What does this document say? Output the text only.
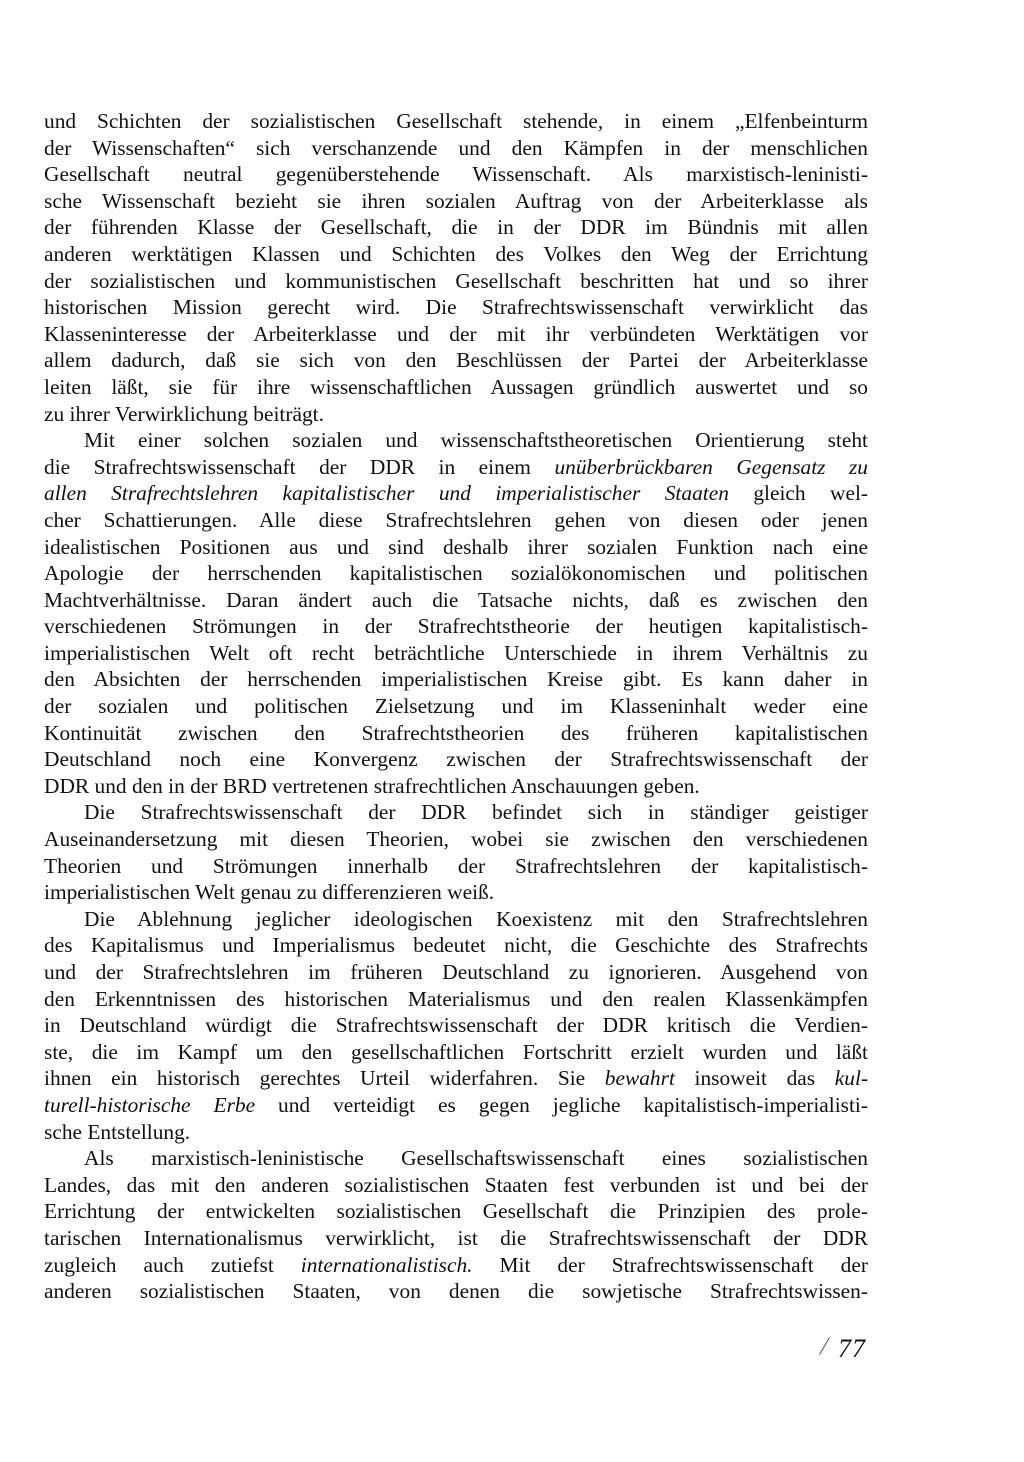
und Schichten der sozialistischen Gesellschaft stehende, in einem „Elfenbeinturm
der Wissenschaften“ sich verschanzende und den Kämpfen in der menschlichen
Gesellschaft neutral gegenüberstehende Wissenschaft. Als marxistisch-leninisti-
sche Wissenschaft bezieht sie ihren sozialen Auftrag von der Arbeiterklasse als
der führenden Klasse der Gesellschaft, die in der DDR im Bündnis mit allen
anderen werktätigen Klassen und Schichten des Volkes den Weg der Errichtung
der sozialistischen und kommunistischen Gesellschaft beschritten hat und so ihrer
historischen Mission gerecht wird. Die Strafrechtswissenschaft verwirklicht das
Klasseninteresse der Arbeiterklasse und der mit ihr verbündeten Werktätigen vor
allem dadurch, daß sie sich von den Beschlüssen der Partei der Arbeiterklasse
leiten läßt, sie für ihre wissenschaftlichen Aussagen gründlich auswertet und so
zu ihrer Verwirklichung beiträgt.
Mit einer solchen sozialen und wissenschaftstheoretischen Orientierung steht
die Strafrechtswissenschaft der DDR in einem unüberbrückbaren Gegensatz zu
allen Strafrechtslehren kapitalistischer und imperialistischer Staaten gleich wel-
cher Schattierungen. Alle diese Strafrechtslehren gehen von diesen oder jenen
idealistischen Positionen aus und sind deshalb ihrer sozialen Funktion nach eine
Apologie der herrschenden kapitalistischen sozialökonomischen und politischen
Machtverhältnisse. Daran ändert auch die Tatsache nichts, daß es zwischen den
verschiedenen Strömungen in der Strafrechtstheorie der heutigen kapitalistisch-
imperialistischen Welt oft recht beträchtliche Unterschiede in ihrem Verhältnis zu
den Absichten der herrschenden imperialistischen Kreise gibt. Es kann daher in
der sozialen und politischen Zielsetzung und im Klasseninhalt weder eine
Kontinuität zwischen den Strafrechtstheorien des früheren kapitalistischen
Deutschland noch eine Konvergenz zwischen der Strafrechtswissenschaft der
DDR und den in der BRD vertretenen strafrechtlichen Anschauungen geben.
Die Strafrechtswissenschaft der DDR befindet sich in ständiger geistiger
Auseinandersetzung mit diesen Theorien, wobei sie zwischen den verschiedenen
Theorien und Strömungen innerhalb der Strafrechtslehren der kapitalistisch-
imperialistischen Welt genau zu differenzieren weiß.
Die Ablehnung jeglicher ideologischen Koexistenz mit den Strafrechtslehren
des Kapitalismus und Imperialismus bedeutet nicht, die Geschichte des Strafrechts
und der Strafrechtslehren im früheren Deutschland zu ignorieren. Ausgehend von
den Erkenntnissen des historischen Materialismus und den realen Klassenkämpfen
in Deutschland würdigt die Strafrechtswissenschaft der DDR kritisch die Verdien-
ste, die im Kampf um den gesellschaftlichen Fortschritt erzielt wurden und läßt
ihnen ein historisch gerechtes Urteil widerfahren. Sie bewahrt insoweit das kul-
turell-historische Erbe und verteidigt es gegen jegliche kapitalistisch-imperialisti-
sche Entstellung.
Als marxistisch-leninistische Gesellschaftswissenschaft eines sozialistischen
Landes, das mit den anderen sozialistischen Staaten fest verbunden ist und bei der
Errichtung der entwickelten sozialistischen Gesellschaft die Prinzipien des prole-
tarischen Internationalismus verwirklicht, ist die Strafrechtswissenschaft der DDR
zugleich auch zutiefst internationalistisch. Mit der Strafrechtswissenschaft der
anderen sozialistischen Staaten, von denen die sowjetische Strafrechtswissen-
77
